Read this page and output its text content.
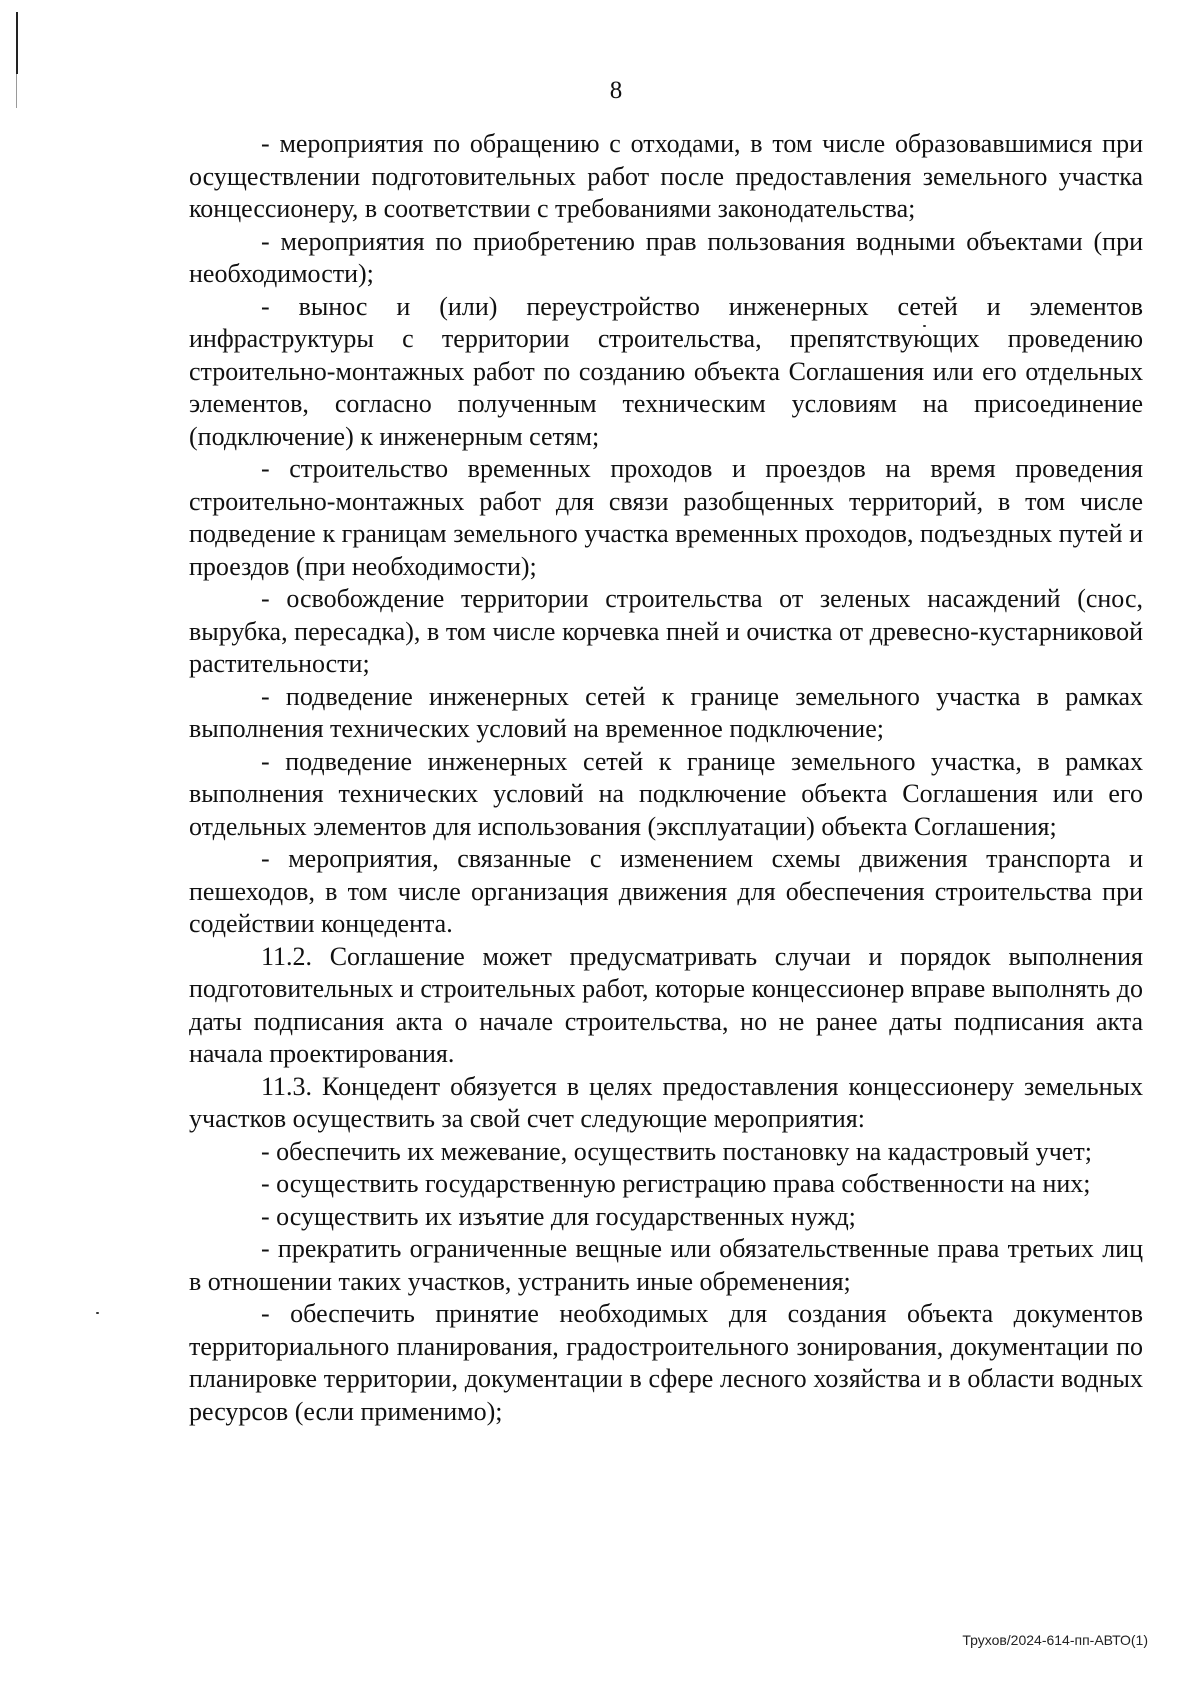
8

- мероприятия по обращению с отходами, в том числе образовавшимися при осуществлении подготовительных работ после предоставления земельного участка концессионеру, в соответствии с требованиями законодательства;

- мероприятия по приобретению прав пользования водными объектами (при необходимости);

- вынос и (или) переустройство инженерных сетей и элементов инфраструктуры с территории строительства, препятствующих проведению строительно-монтажных работ по созданию объекта Соглашения или его отдельных элементов, согласно полученным техническим условиям на присоединение (подключение) к инженерным сетям;

- строительство временных проходов и проездов на время проведения строительно-монтажных работ для связи разобщенных территорий, в том числе подведение к границам земельного участка временных проходов, подъездных путей и проездов (при необходимости);

- освобождение территории строительства от зеленых насаждений (снос, вырубка, пересадка), в том числе корчевка пней и очистка от древесно-кустарниковой растительности;

- подведение инженерных сетей к границе земельного участка в рамках выполнения технических условий на временное подключение;

- подведение инженерных сетей к границе земельного участка, в рамках выполнения технических условий на подключение объекта Соглашения или его отдельных элементов для использования (эксплуатации) объекта Соглашения;

- мероприятия, связанные с изменением схемы движения транспорта и пешеходов, в том числе организация движения для обеспечения строительства при содействии концедента.

11.2. Соглашение может предусматривать случаи и порядок выполнения подготовительных и строительных работ, которые концессионер вправе выполнять до даты подписания акта о начале строительства, но не ранее даты подписания акта начала проектирования.

11.3. Концедент обязуется в целях предоставления концессионеру земельных участков осуществить за свой счет следующие мероприятия:

- обеспечить их межевание, осуществить постановку на кадастровый учет;

- осуществить государственную регистрацию права собственности на них;

- осуществить их изъятие для государственных нужд;

- прекратить ограниченные вещные или обязательственные права третьих лиц в отношении таких участков, устранить иные обременения;

- обеспечить принятие необходимых для создания объекта документов территориального планирования, градостроительного зонирования, документации по планировке территории, документации в сфере лесного хозяйства и в области водных ресурсов (если применимо);

Трухов/2024-614-пп-АВТО(1)
